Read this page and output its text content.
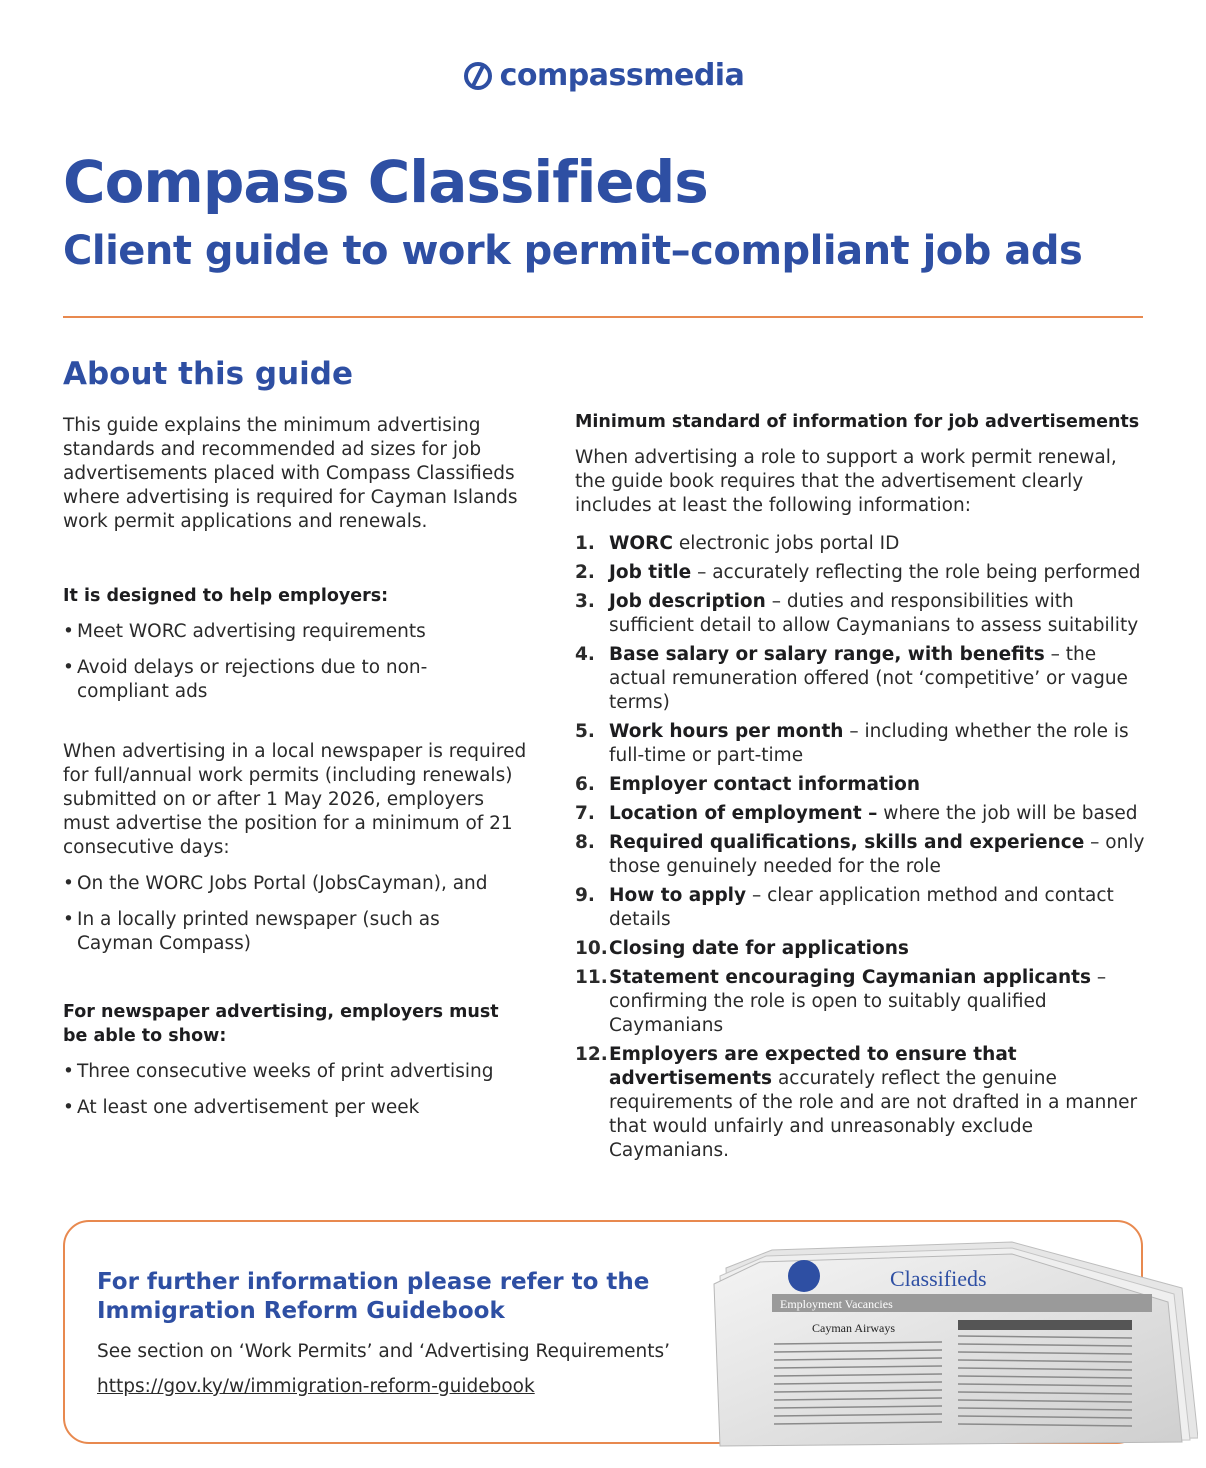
compassmedia
Compass Classifieds
Client guide to work permit–compliant job ads
About this guide

This guide explains the minimum advertising standards and recommended ad sizes for job advertisements placed with Compass Classifieds where advertising is required for Cayman Islands work permit applications and renewals.

It is designed to help employers:

• Meet WORC advertising requirements
• Avoid delays or rejections due to non-compliant ads

When advertising in a local newspaper is required for full/annual work permits (including renewals) submitted on or after 1 May 2026, employers must advertise the position for a minimum of 21 consecutive days:

• On the WORC Jobs Portal (JobsCayman), and
• In a locally printed newspaper (such as Cayman Compass)

For newspaper advertising, employers must be able to show:

• Three consecutive weeks of print advertising
• At least one advertisement per week

Minimum standard of information for job advertisements

When advertising a role to support a work permit renewal, the guide book requires that the advertisement clearly includes at least the following information:

1. WORC electronic jobs portal ID
2. Job title – accurately reflecting the role being performed
3. Job description – duties and responsibilities with sufficient detail to allow Caymanians to assess suitability
4. Base salary or salary range, with benefits – the actual remuneration offered (not ‘competitive’ or vague terms)
5. Work hours per month – including whether the role is full-time or part-time
6. Employer contact information
7. Location of employment – where the job will be based
8. Required qualifications, skills and experience – only those genuinely needed for the role
9. How to apply – clear application method and contact details
10. Closing date for applications
11. Statement encouraging Caymanian applicants – confirming the role is open to suitably qualified Caymanians
12. Employers are expected to ensure that advertisements accurately reflect the genuine requirements of the role and are not drafted in a manner that would unfairly and unreasonably exclude Caymanians.
For further information please refer to the Immigration Reform Guidebook

See section on ‘Work Permits’ and ‘Advertising Requirements’

https://gov.ky/w/immigration-reform-guidebook
Classifieds
Employment Vacancies
Cayman Airways
